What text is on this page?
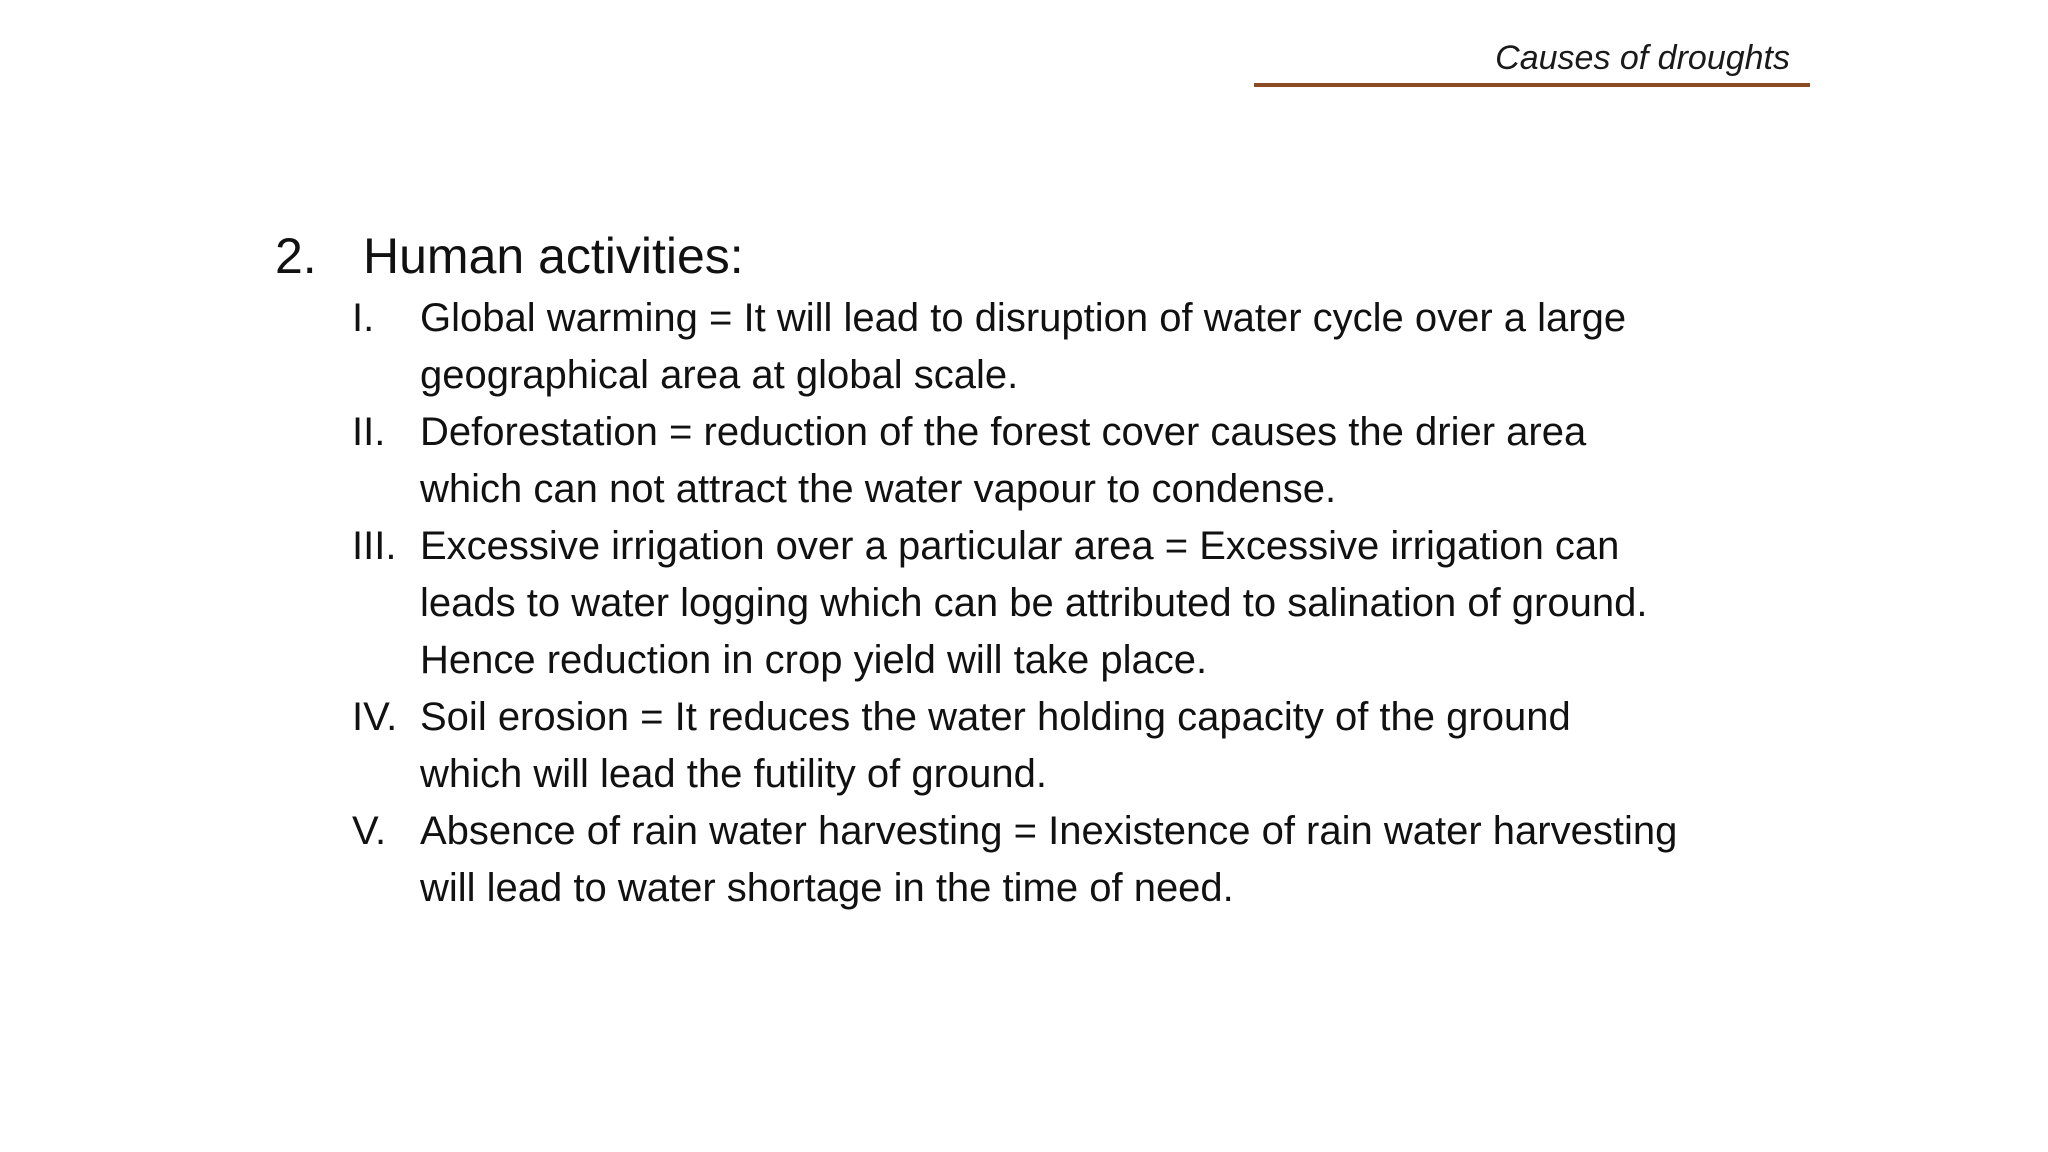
Causes of droughts
2. Human activities:
I. Global warming = It will lead to disruption of water cycle over a large
geographical area at global scale.
II. Deforestation = reduction of the forest cover causes the drier area
which can not attract the water vapour to condense.
III. Excessive irrigation over a particular area = Excessive irrigation can
leads to water logging which can be attributed to salination of ground.
Hence reduction in crop yield will take place.
IV. Soil erosion = It reduces the water holding capacity of the ground
which will lead the futility of ground.
V. Absence of rain water harvesting = Inexistence of rain water harvesting
will lead to water shortage in the time of need.
